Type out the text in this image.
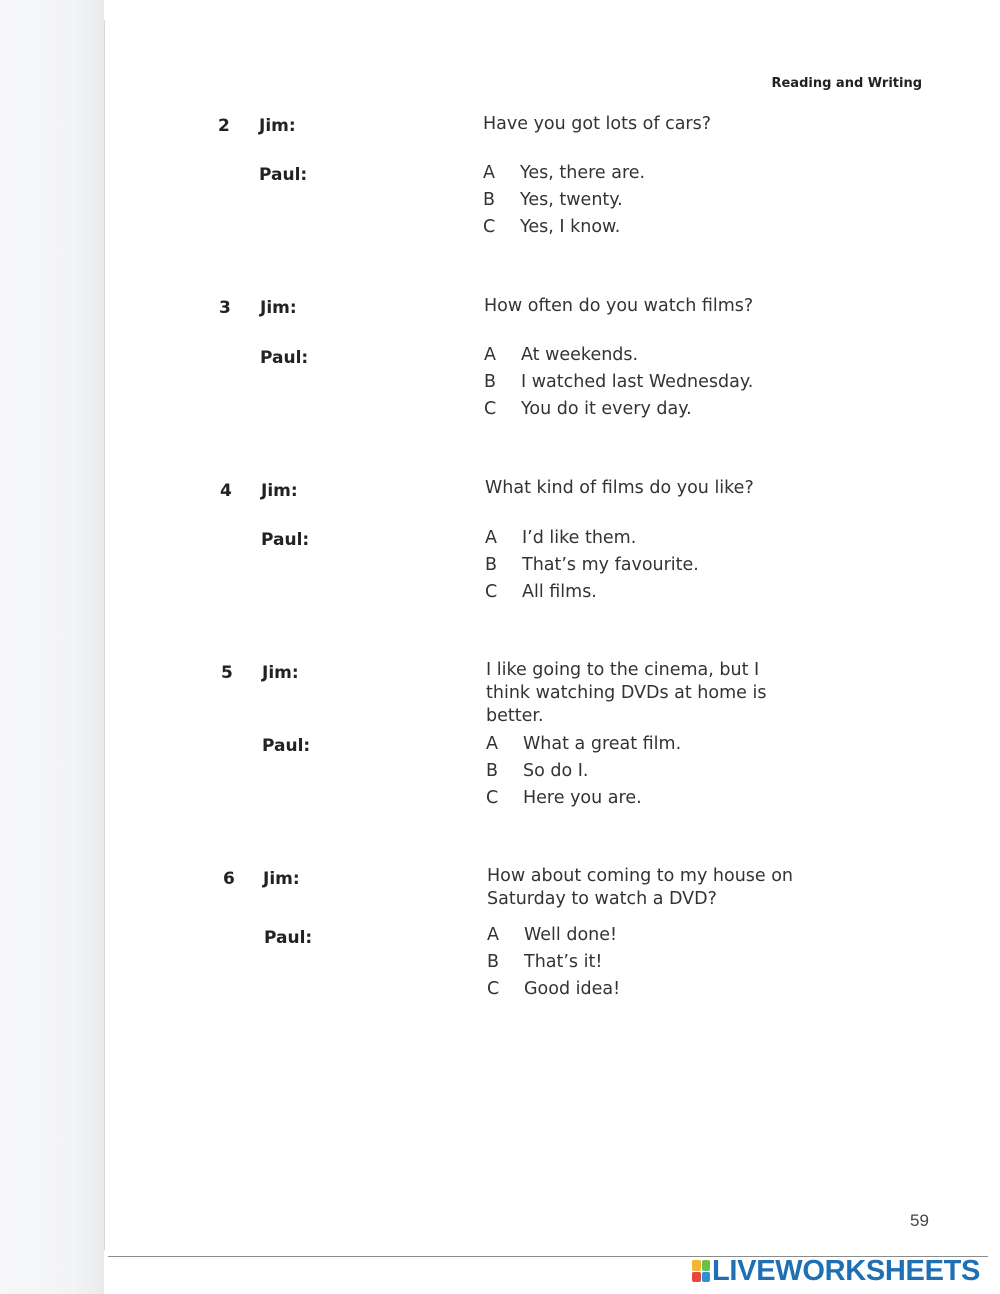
Reading and Writing
2	Jim:	Have you got lots of cars?
Paul:	A	Yes, there are.
B	Yes, twenty.
C	Yes, I know.
3	Jim:	How often do you watch films?
Paul:	A	At weekends.
B	I watched last Wednesday.
C	You do it every day.
4	Jim:	What kind of films do you like?
Paul:	A	I’d like them.
B	That’s my favourite.
C	All films.
5	Jim:	I like going to the cinema, but I think watching DVDs at home is better.
Paul:	A	What a great film.
B	So do I.
C	Here you are.
6	Jim:	How about coming to my house on Saturday to watch a DVD?
Paul:	A	Well done!
B	That’s it!
C	Good idea!
59
LIVEWORKSHEETS
